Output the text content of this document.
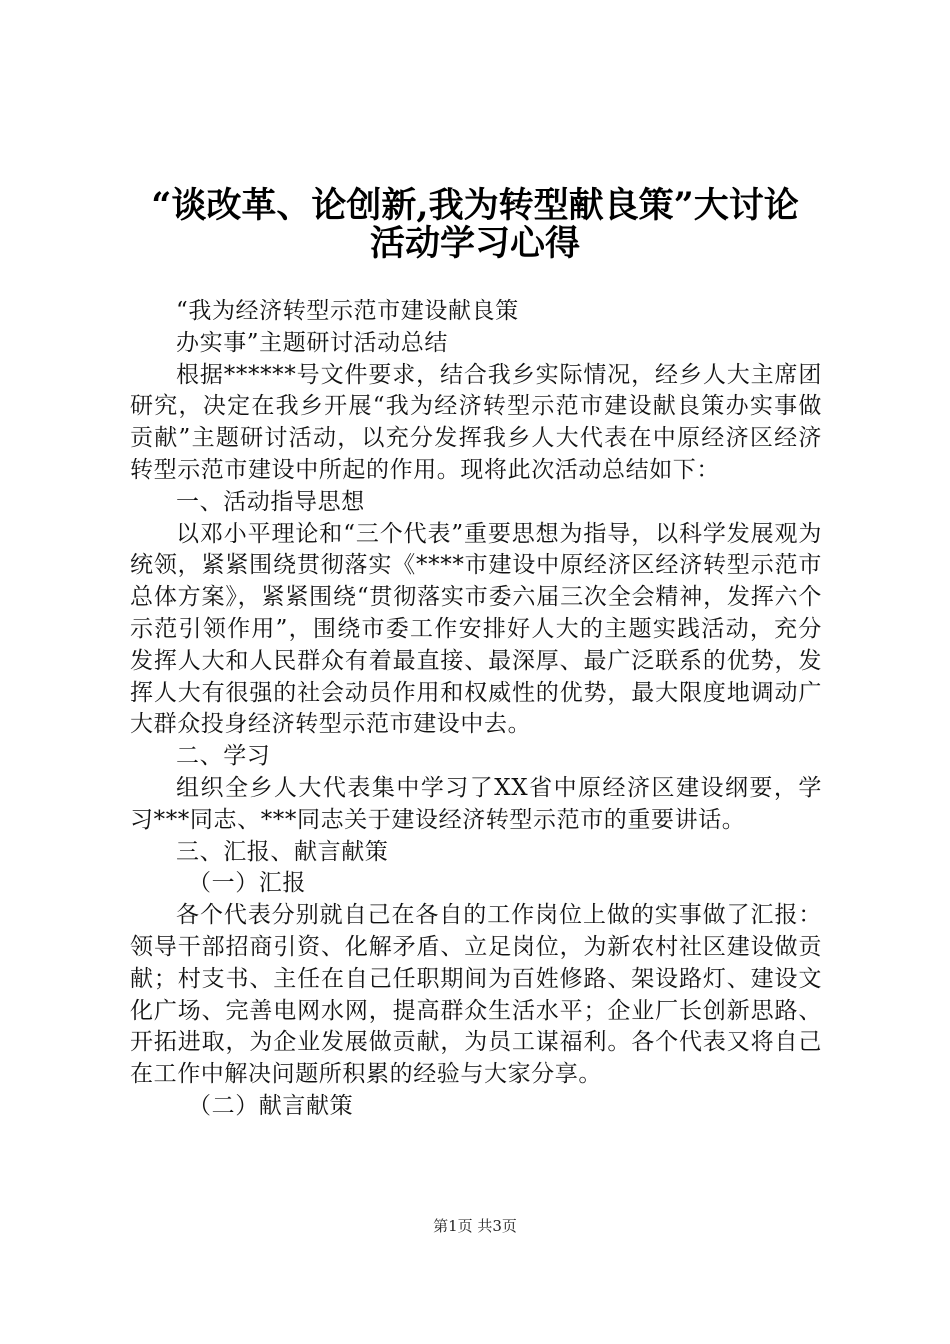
“谈改革、论创新,我为转型献良策”大讨论
活动学习心得

“我为经济转型示范市建设献良策

办实事”主题研讨活动总结

根据******号文件要求，结合我乡实际情况，经乡人大主席团研究，决定在我乡开展“我为经济转型示范市建设献良策办实事做贡献”主题研讨活动，以充分发挥我乡人大代表在中原经济区经济转型示范市建设中所起的作用。现将此次活动总结如下：

一、活动指导思想

以邓小平理论和“三个代表”重要思想为指导，以科学发展观为统领，紧紧围绕贯彻落实《****市建设中原经济区经济转型示范市总体方案》，紧紧围绕“贯彻落实市委六届三次全会精神，发挥六个示范引领作用”，围绕市委工作安排好人大的主题实践活动，充分发挥人大和人民群众有着最直接、最深厚、最广泛联系的优势，发挥人大有很强的社会动员作用和权威性的优势，最大限度地调动广大群众投身经济转型示范市建设中去。

二、学习

组织全乡人大代表集中学习了XX省中原经济区建设纲要，学习***同志、***同志关于建设经济转型示范市的重要讲话。

三、汇报、献言献策

（一）汇报

各个代表分别就自己在各自的工作岗位上做的实事做了汇报：领导干部招商引资、化解矛盾、立足岗位，为新农村社区建设做贡献；村支书、主任在自己任职期间为百姓修路、架设路灯、建设文化广场、完善电网水网，提高群众生活水平；企业厂长创新思路、开拓进取，为企业发展做贡献，为员工谋福利。各个代表又将自己在工作中解决问题所积累的经验与大家分享。

（二）献言献策

第1页 共3页
